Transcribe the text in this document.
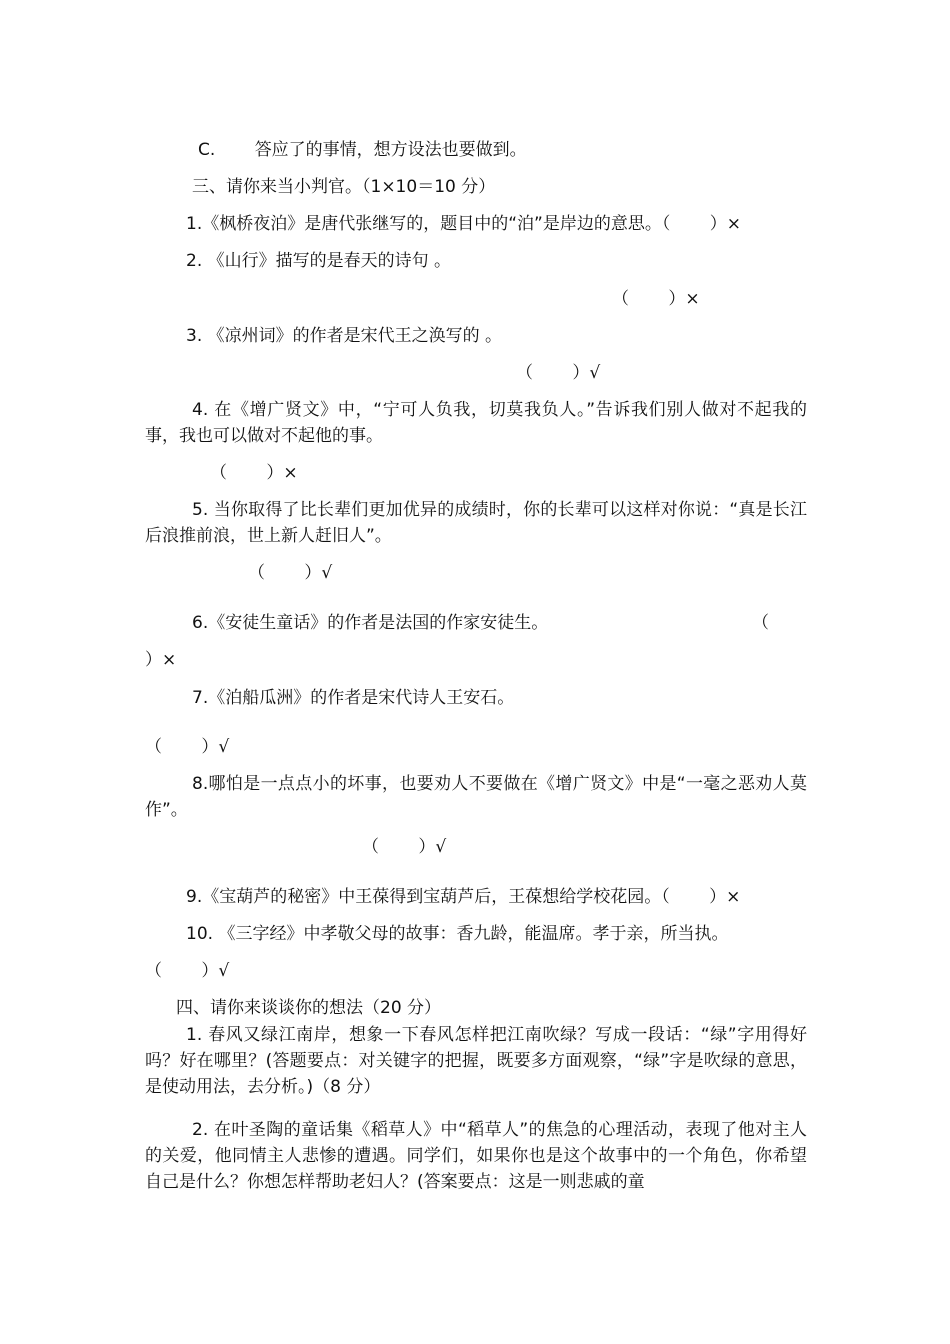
C. 答应了的事情，想方设法也要做到。
三、请你来当小判官。（1×10＝10 分）
1.《枫桥夜泊》是唐代张继写的，题目中的“泊”是岸边的意思。（　　 ）×
2. 《山行》描写的是春天的诗句 。
（　　 ）×
3. 《凉州词》的作者是宋代王之涣写的 。
（　　 ）√
4. 在《增广贤文》中，“宁可人负我，切莫我负人。”告诉我们别人做对不起我的事，我也可以做对不起他的事。
（　　 ）×
5. 当你取得了比长辈们更加优异的成绩时，你的长辈可以这样对你说：“真是长江后浪推前浪，世上新人赶旧人”。
（　　 ）√
6.《安徒生童话》的作者是法国的作家安徒生。	（
）×
7.《泊船瓜洲》的作者是宋代诗人王安石。
（　　 ）√
8.哪怕是一点点小的坏事，也要劝人不要做在《增广贤文》中是“一毫之恶劝人莫作”。
（　　 ）√
9.《宝葫芦的秘密》中王葆得到宝葫芦后，王葆想给学校花园。（　　 ）×
10. 《三字经》中孝敬父母的故事：香九龄，能温席。孝于亲，所当执。
（　　 ）√
四、请你来谈谈你的想法（20 分）
1. 春风又绿江南岸，想象一下春风怎样把江南吹绿？写成一段话：“绿”字用得好吗？好在哪里？(答题要点：对关键字的把握，既要多方面观察，“绿”字是吹绿的意思，是使动用法，去分析。)（8 分）
2. 在叶圣陶的童话集《稻草人》中“稻草人”的焦急的心理活动，表现了他对主人的关爱，他同情主人悲惨的遭遇。同学们，如果你也是这个故事中的一个角色，你希望自己是什么？你想怎样帮助老妇人？(答案要点：这是一则悲戚的童
